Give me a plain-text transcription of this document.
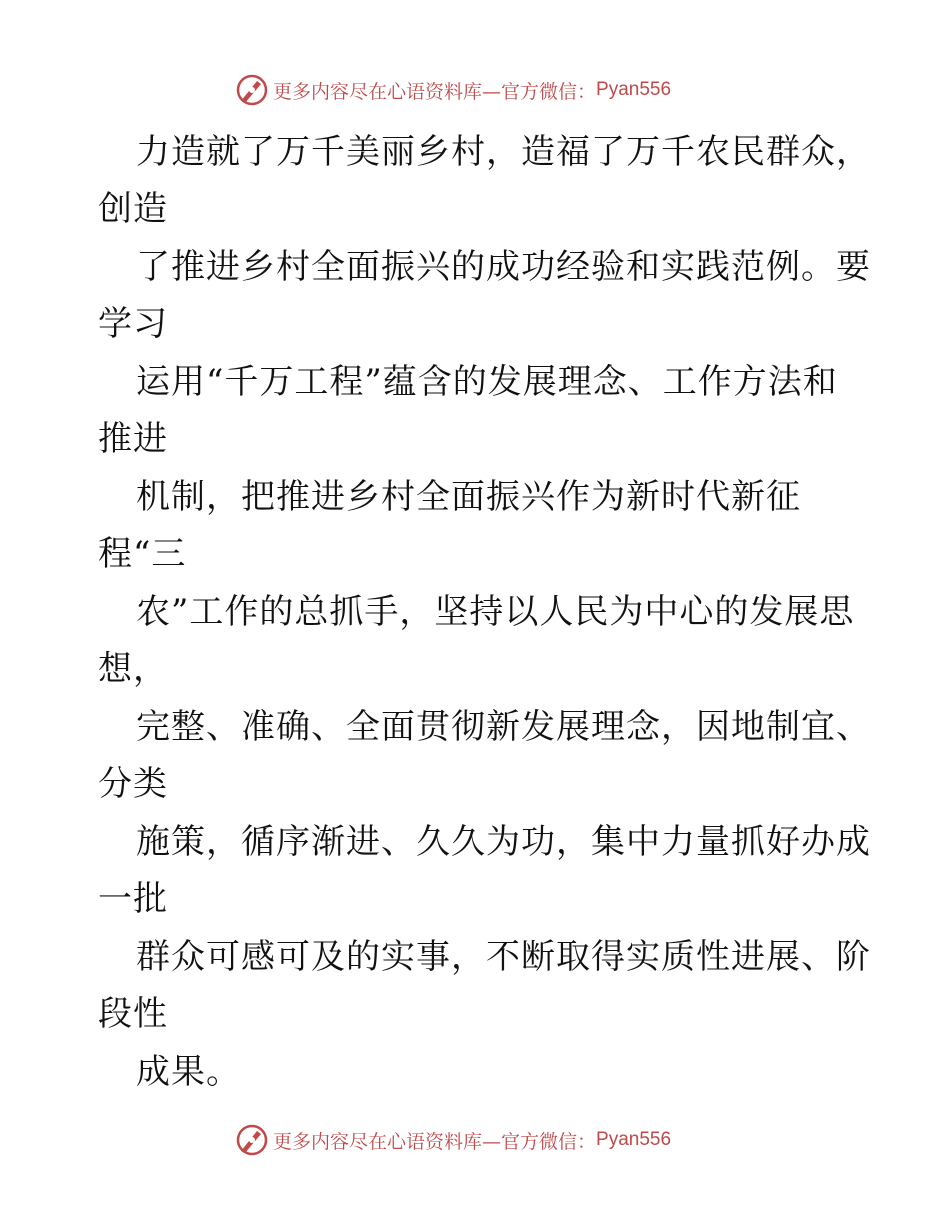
更多内容尽在心语资料库—官方微信： Pyan556
力造就了万千美丽乡村，造福了万千农民群众，
创造
了推进乡村全面振兴的成功经验和实践范例。要
学习
运用“千万工程”蕴含的发展理念、工作方法和
推进
机制，把推进乡村全面振兴作为新时代新征
程“三
农”工作的总抓手，坚持以人民为中心的发展思
想，
完整、准确、全面贯彻新发展理念，因地制宜、
分类
施策，循序渐进、久久为功，集中力量抓好办成
一批
群众可感可及的实事，不断取得实质性进展、阶
段性
成果。
更多内容尽在心语资料库—官方微信： Pyan556
